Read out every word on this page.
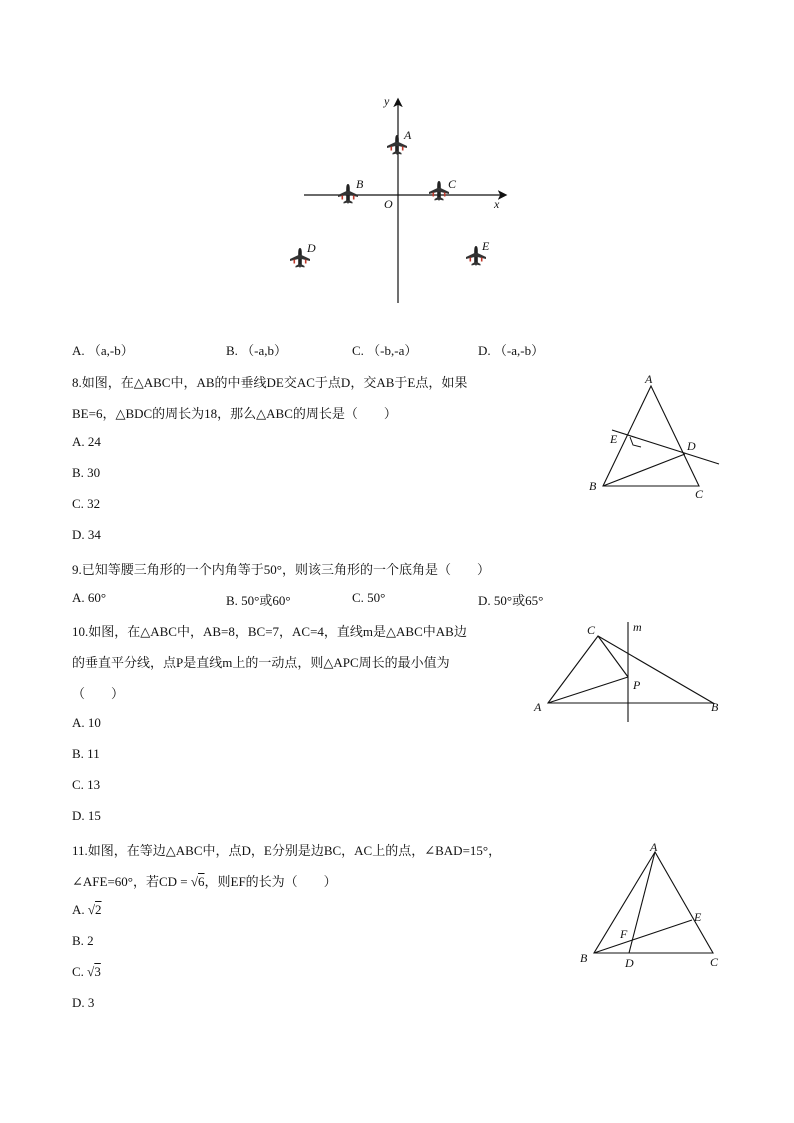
y
x
O
A
B	C
D	E
A. （a,-b）	B. （-a,b）	C. （-b,-a）	D. （-a,-b）
8.如图，在△ABC中，AB的中垂线DE交AC于点D，交AB于E点，如果
BE=6，△BDC的周长为18，那么△ABC的周长是（　　）
A. 24
B. 30
C. 32
D. 34
A
E	D
B
C
9.已知等腰三角形的一个内角等于50°，则该三角形的一个底角是（　　）
A. 60°	B. 50°或60°	C. 50°	D. 50°或65°
10.如图，在△ABC中，AB=8，BC=7，AC=4，直线m是△ABC中AB边
的垂直平分线，点P是直线m上的一动点，则△APC周长的最小值为
（　　）
A. 10
B. 11
C. 13
D. 15
C	m
P
A	B
11.如图，在等边△ABC中，点D，E分别是边BC，AC上的点，∠BAD=15°，
∠AFE=60°，若CD = √6，则EF的长为（　　）
A. √2
B. 2
C. √3
D. 3
A
E
F
B	D	C
